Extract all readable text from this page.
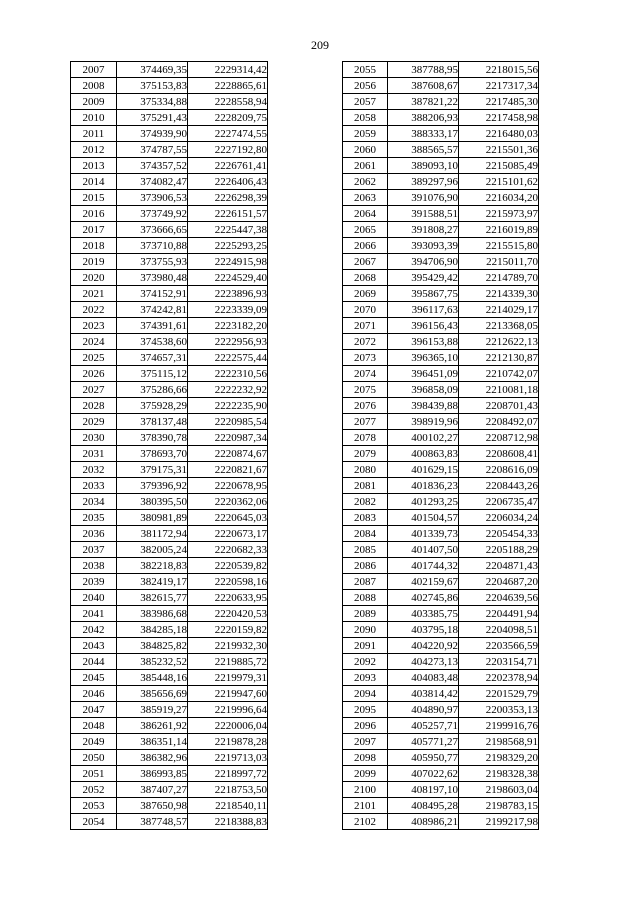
209
2007	374469,35	2229314,42
2008	375153,83	2228865,61
2009	375334,88	2228558,94
2010	375291,43	2228209,75
2011	374939,90	2227474,55
2012	374787,55	2227192,80
2013	374357,52	2226761,41
2014	374082,47	2226406,43
2015	373906,53	2226298,39
2016	373749,92	2226151,57
2017	373666,65	2225447,38
2018	373710,88	2225293,25
2019	373755,93	2224915,98
2020	373980,48	2224529,40
2021	374152,91	2223896,93
2022	374242,81	2223339,09
2023	374391,61	2223182,20
2024	374538,60	2222956,93
2025	374657,31	2222575,44
2026	375115,12	2222310,56
2027	375286,66	2222232,92
2028	375928,29	2222235,90
2029	378137,48	2220985,54
2030	378390,78	2220987,34
2031	378693,70	2220874,67
2032	379175,31	2220821,67
2033	379396,92	2220678,95
2034	380395,50	2220362,06
2035	380981,89	2220645,03
2036	381172,94	2220673,17
2037	382005,24	2220682,33
2038	382218,83	2220539,82
2039	382419,17	2220598,16
2040	382615,77	2220633,95
2041	383986,68	2220420,53
2042	384285,18	2220159,82
2043	384825,82	2219932,30
2044	385232,52	2219885,72
2045	385448,16	2219979,31
2046	385656,69	2219947,60
2047	385919,27	2219996,64
2048	386261,92	2220006,04
2049	386351,14	2219878,28
2050	386382,96	2219713,03
2051	386993,85	2218997,72
2052	387407,27	2218753,50
2053	387650,98	2218540,11
2054	387748,57	2218388,83
2055	387788,95	2218015,56
2056	387608,67	2217317,34
2057	387821,22	2217485,30
2058	388206,93	2217458,98
2059	388333,17	2216480,03
2060	388565,57	2215501,36
2061	389093,10	2215085,49
2062	389297,96	2215101,62
2063	391076,90	2216034,20
2064	391588,51	2215973,97
2065	391808,27	2216019,89
2066	393093,39	2215515,80
2067	394706,90	2215011,70
2068	395429,42	2214789,70
2069	395867,75	2214339,30
2070	396117,63	2214029,17
2071	396156,43	2213368,05
2072	396153,88	2212622,13
2073	396365,10	2212130,87
2074	396451,09	2210742,07
2075	396858,09	2210081,18
2076	398439,88	2208701,43
2077	398919,96	2208492,07
2078	400102,27	2208712,98
2079	400863,83	2208608,41
2080	401629,15	2208616,09
2081	401836,23	2208443,26
2082	401293,25	2206735,47
2083	401504,57	2206034,24
2084	401339,73	2205454,33
2085	401407,50	2205188,29
2086	401744,32	2204871,43
2087	402159,67	2204687,20
2088	402745,86	2204639,56
2089	403385,75	2204491,94
2090	403795,18	2204098,51
2091	404220,92	2203566,59
2092	404273,13	2203154,71
2093	404083,48	2202378,94
2094	403814,42	2201529,79
2095	404890,97	2200353,13
2096	405257,71	2199916,76
2097	405771,27	2198568,91
2098	405950,77	2198329,20
2099	407022,62	2198328,38
2100	408197,10	2198603,04
2101	408495,28	2198783,15
2102	408986,21	2199217,98
